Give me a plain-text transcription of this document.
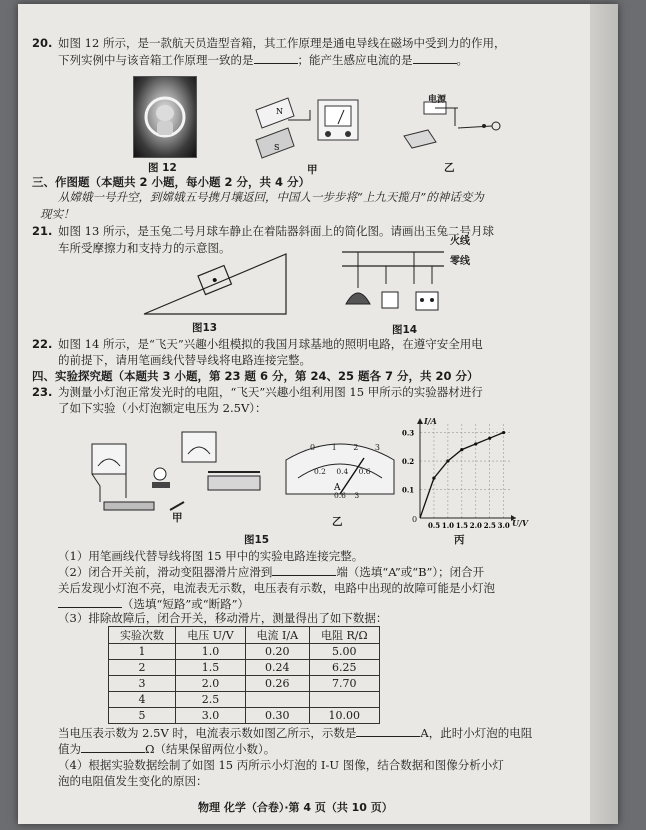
20. 如图 12 所示，是一款航天员造型音箱，其工作原理是通电导线在磁场中受到力的作用，
下列实例中与该音箱工作原理一致的是	；能产生感应电流的是	。
图 12
N
S
甲
电源
乙
三、作图题（本题共 2 小题，每小题 2 分，共 4 分）
从嫦娥一号升空，到嫦娥五号携月壤返回，中国人一步步将“上九天揽月”的神话变为
现实！
21. 如图 13 所示，是玉兔二号月球车静止在着陆器斜面上的简化图。请画出玉兔二号月球
车所受摩擦力和支持力的示意图。
图13
火线
零线
图14
22. 如图 14 所示，是“飞天”兴趣小组模拟的我国月球基地的照明电路，在遵守安全用电
的前提下，请用笔画线代替导线将电路连接完整。
四、实验探究题（本题共 3 小题，第 23 题 6 分，第 24、25 题各 7 分，共 20 分）
23. 为测量小灯泡正常发光时的电阻，“飞天”兴趣小组利用图 15 甲所示的实验器材进行
了如下实验（小灯泡额定电压为 2.5V）：
甲
A
0 1 2 3
0.2 0.4 0.6
0.6 3
乙	0.5 1.0 1.5 2.0 2.5 3.0
0.1
0.2
0.3
I/A
U/V
0
丙
图15
（1）用笔画线代替导线将图 15 甲中的实验电路连接完整。
（2）闭合开关前，滑动变阻器滑片应滑到	端（选填“A”或“B”）；闭合开
关后发现小灯泡不亮，电流表无示数，电压表有示数，电路中出现的故障可能是小灯泡
（选填“短路”或“断路”）
（3）排除故障后，闭合开关，移动滑片，测量得出了如下数据：
实验次数	电压 U/V	电流 I/A	电阻 R/Ω
1	1.0	0.20	5.00
2	1.5	0.24	6.25
3	2.0	0.26	7.70
4	2.5		
5	3.0	0.30	10.00
当电压表示数为 2.5V 时，电流表示数如图乙所示，示数是	A，此时小灯泡的电阻
值为	Ω（结果保留两位小数）。
（4）根据实验数据绘制了如图 15 丙所示小灯泡的 I-U 图像，结合数据和图像分析小灯
泡的电阻值发生变化的原因：
物理 化学（合卷）·第 4 页（共 10 页）
